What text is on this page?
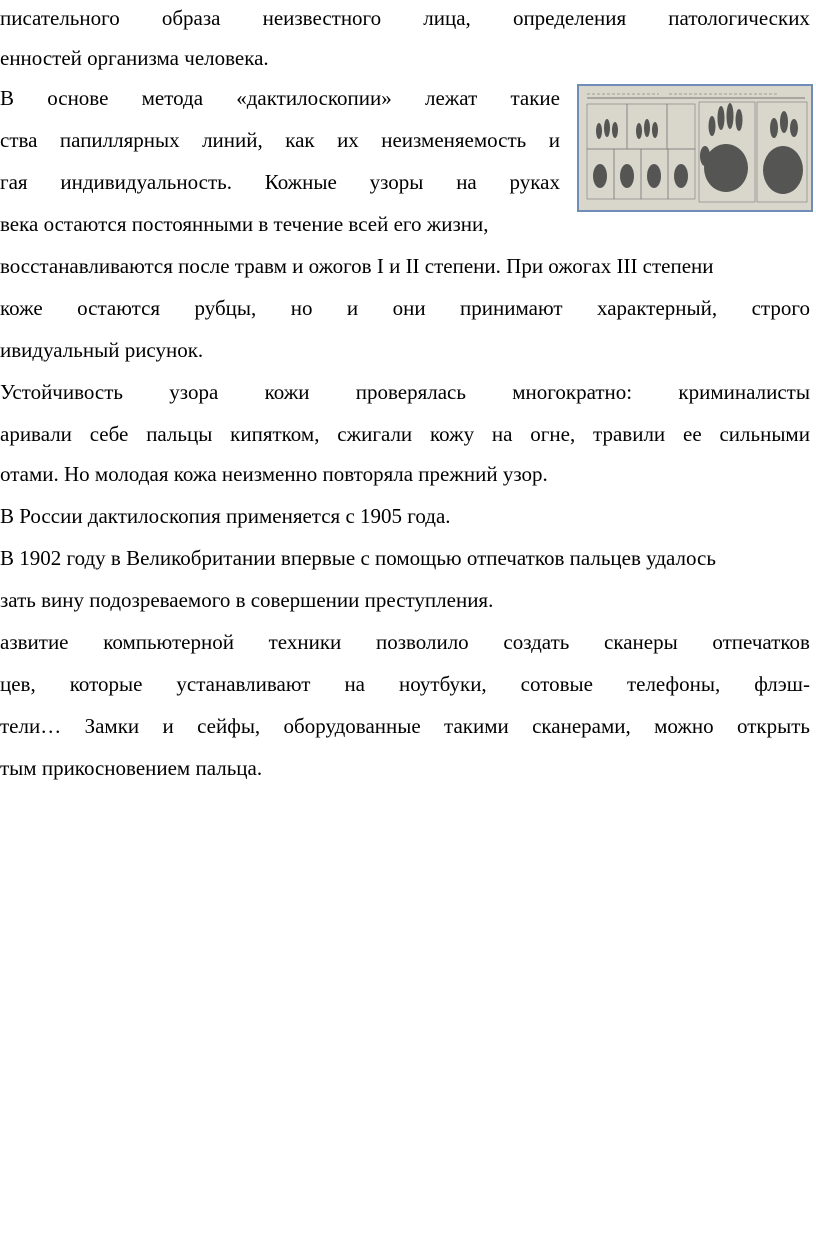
писательного образа неизвестного лица, определения патологических
енностей организма человека.
В основе метода «дактилоскопии» лежат такие
ства папиллярных линий, как их неизменяемость и
гая индивидуальность. Кожные узоры на руках
века остаются постоянными в течение всей его жизни,
восстанавливаются после травм и ожогов I и II степени. При ожогах III степени
коже остаются рубцы, но и они принимают характерный, строго
ивидуальный рисунок.
Устойчивость узора кожи проверялась многократно: криминалисты
аривали себе пальцы кипятком, сжигали кожу на огне, травили ее сильными
отами. Но молодая кожа неизменно повторяла прежний узор.
В России дактилоскопия применяется с 1905 года.
В 1902 году в Великобритании впервые с помощью отпечатков пальцев удалось
зать вину подозреваемого в совершении преступления.
азвитие компьютерной техники позволило создать сканеры отпечатков
цев, которые устанавливают на ноутбуки, сотовые телефоны, флэш-
тели… Замки и сейфы, оборудованные такими сканерами, можно открыть
тым прикосновением пальца.
